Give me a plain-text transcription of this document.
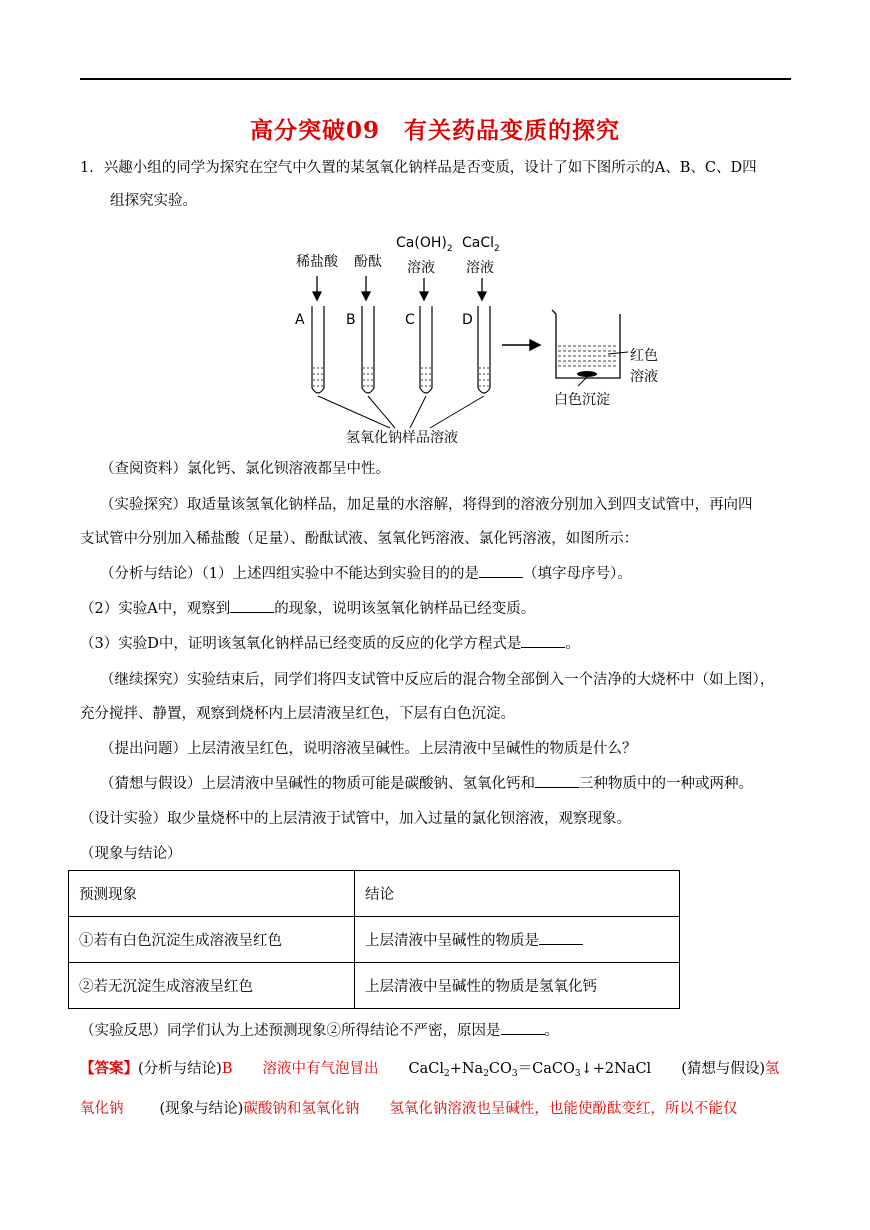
高分突破09　有关药品变质的探究
1．兴趣小组的同学为探究在空气中久置的某氢氧化钠样品是否变质，设计了如下图所示的A、B、C、D四
组探究实验。
稀盐酸 酚酞
$Ca(OH)_2$
溶液
CaCl$_2$
溶液
A	B	C	D
氢氧化钠样品溶液
红色
溶液
白色沉淀
（查阅资料）氯化钙、氯化钡溶液都呈中性。
（实验探究）取适量该氢氧化钠样品，加足量的水溶解，将得到的溶液分别加入到四支试管中，再向四
支试管中分别加入稀盐酸（足量）、酚酞试液、氢氧化钙溶液、氯化钙溶液，如图所示：
（分析与结论）（1）上述四组实验中不能达到实验目的的是	（填字母序号）。
（2）实验A中，观察到	的现象，说明该氢氧化钠样品已经变质。
（3）实验D中，证明该氢氧化钠样品已经变质的反应的化学方程式是	。
（继续探究）实验结束后，同学们将四支试管中反应后的混合物全部倒入一个洁净的大烧杯中（如上图），
充分搅拌、静置，观察到烧杯内上层清液呈红色，下层有白色沉淀。
（提出问题）上层清液呈红色，说明溶液呈碱性。上层清液中呈碱性的物质是什么？
（猜想与假设）上层清液中呈碱性的物质可能是碳酸钠、氢氧化钙和	三种物质中的一种或两种。
（设计实验）取少量烧杯中的上层清液于试管中，加入过量的氯化钡溶液，观察现象。
（现象与结论）
预测现象	结论
①若有白色沉淀生成溶液呈红色	上层清液中呈碱性的物质是
②若无沉淀生成溶液呈红色	上层清液中呈碱性的物质是氢氧化钙
（实验反思）同学们认为上述预测现象②所得结论不严密，原因是	。
【答案】(分析与结论)B 溶液中有气泡冒出 $CaCl_2+Na_2CO_3=CaCO_3↓+2NaCl$ (猜想与假设)氢
氧化钠 (现象与结论)碳酸钠和氢氧化钠 氢氧化钠溶液也呈碱性，也能使酚酞变红，所以不能仅
